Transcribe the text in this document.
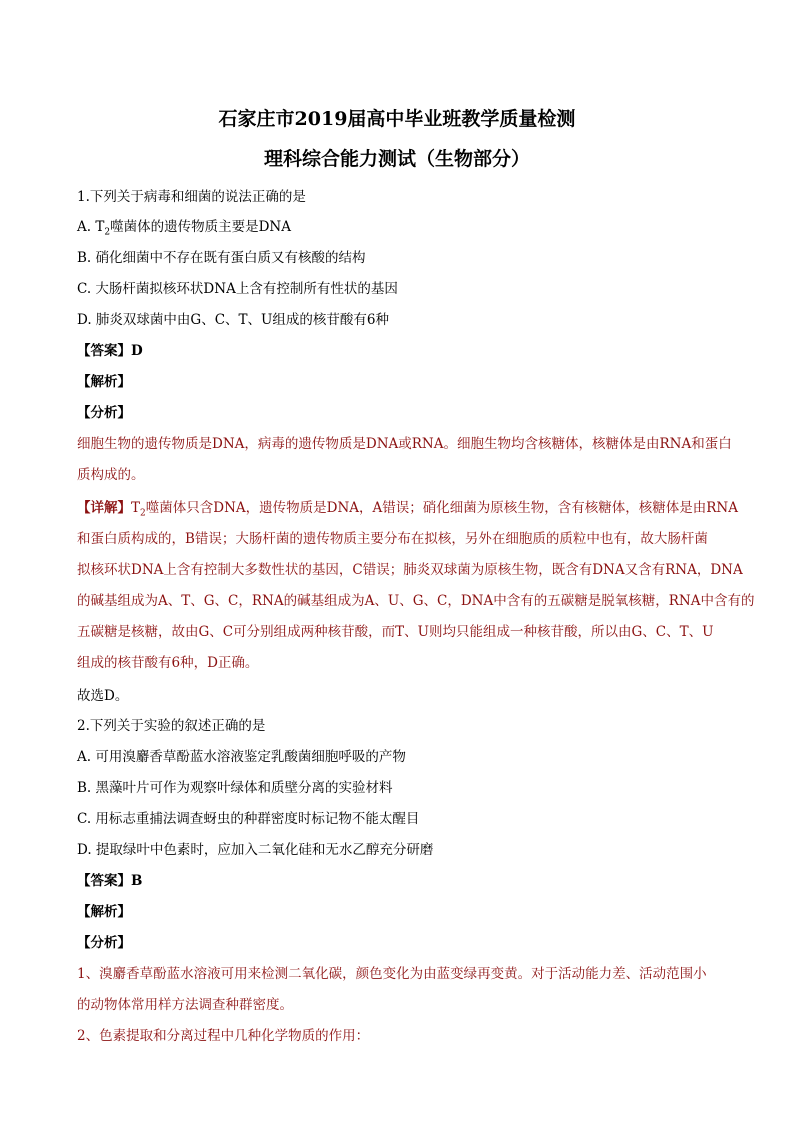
石家庄市2019届高中毕业班教学质量检测
理科综合能力测试（生物部分）
1.下列关于病毒和细菌的说法正确的是
A. $T_2$噬菌体的遗传物质主要是DNA
B. 硝化细菌中不存在既有蛋白质又有核酸的结构
C. 大肠杆菌拟核环状DNA上含有控制所有性状的基因
D. 肺炎双球菌中由G、C、T、U组成的核苷酸有6种
【答案】D
【解析】
【分析】
细胞生物的遗传物质是DNA，病毒的遗传物质是DNA或RNA。细胞生物均含核糖体，核糖体是由RNA和蛋白
质构成的。
【详解】$T_2$噬菌体只含DNA，遗传物质是DNA，A错误；硝化细菌为原核生物，含有核糖体，核糖体是由RNA
和蛋白质构成的，B错误；大肠杆菌的遗传物质主要分布在拟核，另外在细胞质的质粒中也有，故大肠杆菌
拟核环状DNA上含有控制大多数性状的基因，C错误；肺炎双球菌为原核生物，既含有DNA又含有RNA，DNA
的碱基组成为A、T、G、C，RNA的碱基组成为A、U、G、C，DNA中含有的五碳糖是脱氧核糖，RNA中含有的
五碳糖是核糖，故由G、C可分别组成两种核苷酸，而T、U则均只能组成一种核苷酸，所以由G、C、T、U
组成的核苷酸有6种，D正确。
故选D。
2.下列关于实验的叙述正确的是
A. 可用溴麝香草酚蓝水溶液鉴定乳酸菌细胞呼吸的产物
B. 黑藻叶片可作为观察叶绿体和质壁分离的实验材料
C. 用标志重捕法调查蚜虫的种群密度时标记物不能太醒目
D. 提取绿叶中色素时，应加入二氧化硅和无水乙醇充分研磨
【答案】B
【解析】
【分析】
1、溴麝香草酚蓝水溶液可用来检测二氧化碳，颜色变化为由蓝变绿再变黄。对于活动能力差、活动范围小
的动物体常用样方法调查种群密度。
2、色素提取和分离过程中几种化学物质的作用：
